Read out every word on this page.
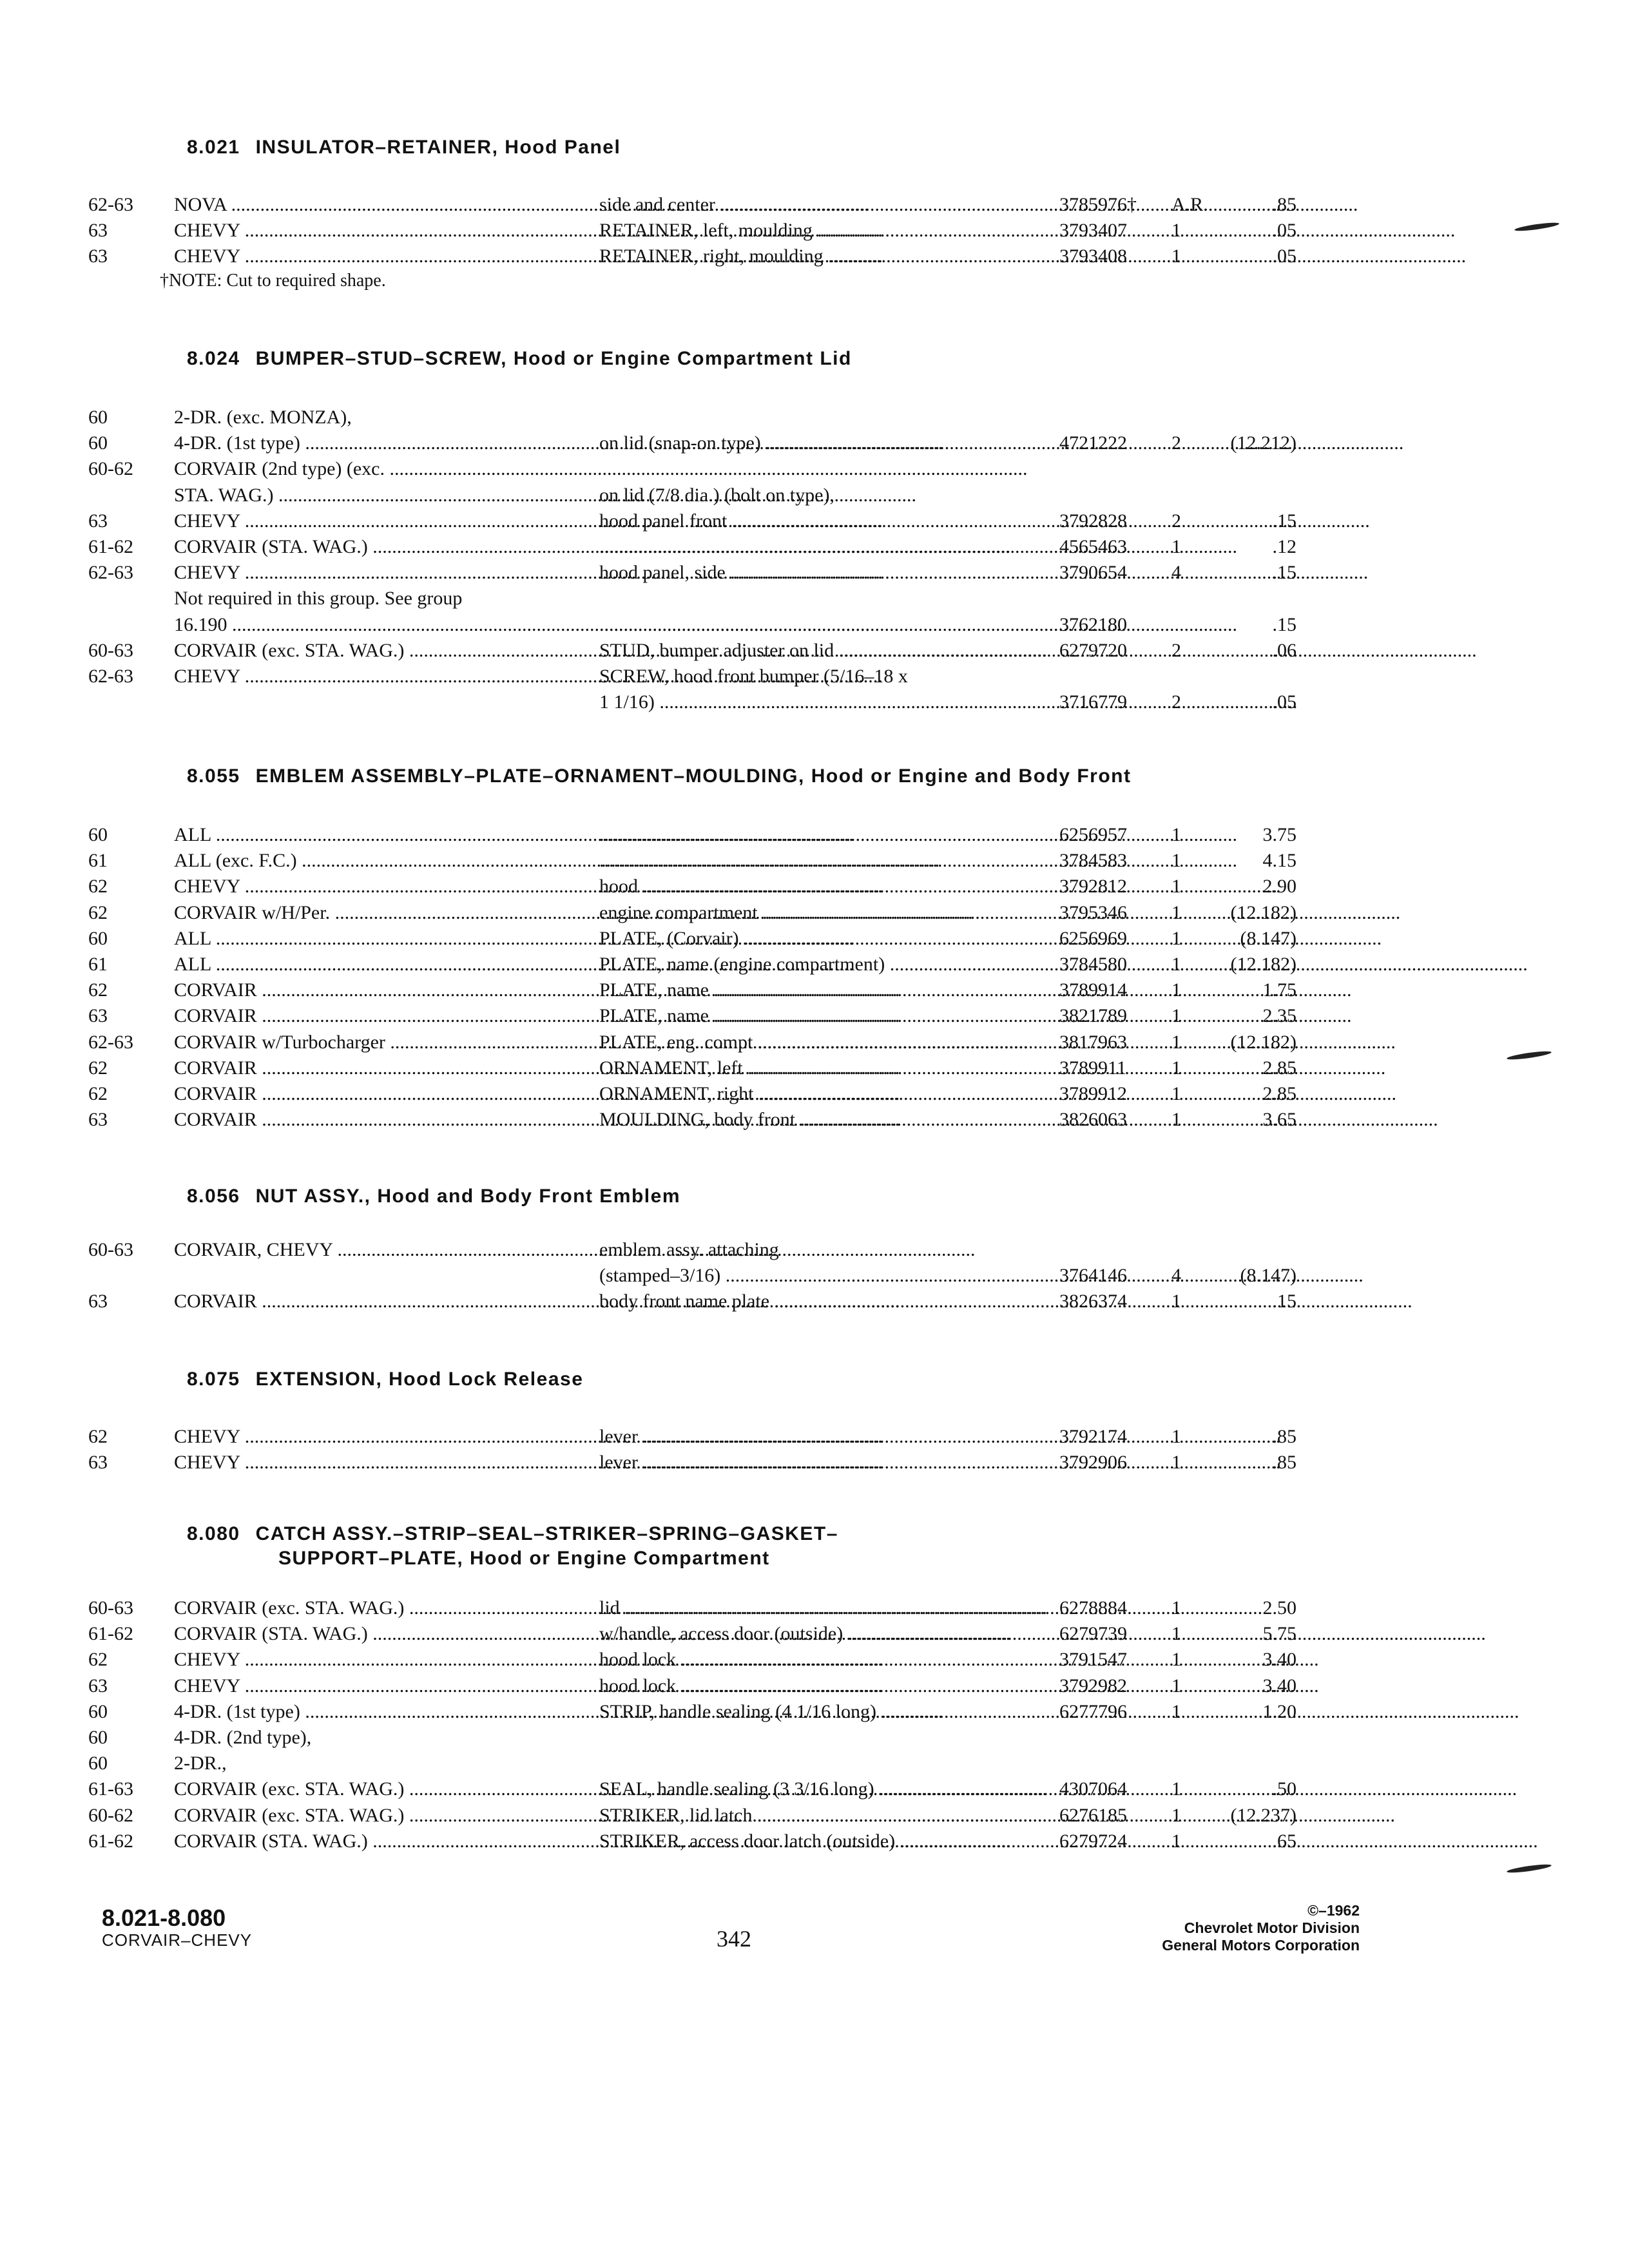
8.021 INSULATOR–RETAINER, Hood Panel
62-63	NOVA .....	side and center .....	3785976†	A.R.	.85
63	CHEVY .....	RETAINER, left, moulding .....	3793407	1	.05
63	CHEVY .....	RETAINER, right, moulding .....	3793408	1	.05
†NOTE: Cut to required shape.
8.024 BUMPER–STUD–SCREW, Hood or Engine Compartment Lid
60	2-DR. (exc. MONZA),
60	4-DR. (1st type) .....	on lid (snap-on type) .....	4721222	2	(12.212)
60-62	CORVAIR (2nd type) (exc. .....
STA. WAG.) .....	on lid (7/8 dia.) (bolt on type),
63	CHEVY .....	hood panel front .....	3792828	2	.15
61-62	CORVAIR (STA. WAG.) ..... .....	4565463	1	.12
62-63	CHEVY .....	hood panel, side .....	3790654	4	.15
Not required in this group. See group
16.190 ..... .....	3762180	.15
60-63	CORVAIR (exc. STA. WAG.) .....	STUD, bumper adjuster on lid .....	6279720	2	.06
62-63	CHEVY .....	SCREW, hood front bumper (5/16–18 x
1 1/16) .....	3716779	2	.05
8.055 EMBLEM ASSEMBLY–PLATE–ORNAMENT–MOULDING, Hood or Engine and Body Front
60	ALL ..... .....	6256957	1	3.75
61	ALL (exc. F.C.) ..... .....	3784583	1	4.15
62	CHEVY .....	hood .....	3792812	1	2.90
62	CORVAIR w/H/Per. .....	engine compartment .....	3795346	1	(12.182)
60	ALL .....	PLATE, (Corvair) .....	6256969	1	(8.147)
61	ALL .....	PLATE, name (engine compartment) .....	3784580	1	(12.182)
62	CORVAIR .....	PLATE, name .....	3789914	1	1.75
63	CORVAIR .....	PLATE, name .....	3821789	1	2.35
62-63	CORVAIR w/Turbocharger .....	PLATE, eng. compt .....	3817963	1	(12.182)
62	CORVAIR .....	ORNAMENT, left .....	3789911	1	2.85
62	CORVAIR .....	ORNAMENT, right .....	3789912	1	2.85
63	CORVAIR .....	MOULDING, body front .....	3826063	1	3.65
8.056 NUT ASSY., Hood and Body Front Emblem
60-63	CORVAIR, CHEVY .....	emblem assy. attaching
(stamped–3/16) .....	3764146	4	(8.147)
63	CORVAIR .....	body front name plate .....	3826374	1	.15
8.075 EXTENSION, Hood Lock Release
62	CHEVY .....	lever .....	3792174	1	.85
63	CHEVY .....	lever .....	3792906	1	.85
8.080 CATCH ASSY.–STRIP–SEAL–STRIKER–SPRING–GASKET–
SUPPORT–PLATE, Hood or Engine Compartment
60-63	CORVAIR (exc. STA. WAG.) .....	lid .....	6278884	1	2.50
61-62	CORVAIR (STA. WAG.) .....	w/handle, access door (outside) .....	6279739	1	5.75
62	CHEVY .....	hood lock .....	3791547	1	3.40
63	CHEVY .....	hood lock .....	3792982	1	3.40
60	4-DR. (1st type) .....	STRIP, handle sealing (4 1/16 long) .....	6277796	1	1.20
60	4-DR. (2nd type),
60	2-DR.,
61-63	CORVAIR (exc. STA. WAG.) .....	SEAL, handle sealing (3 3/16 long) .....	4307064	1	.50
60-62	CORVAIR (exc. STA. WAG.) .....	STRIKER, lid latch .....	6276185	1	(12.237)
61-62	CORVAIR (STA. WAG.) .....	STRIKER, access door latch (outside) .....	6279724	1	.65
8.021-8.080
CORVAIR–CHEVY	342
©–1962
Chevrolet Motor Division
General Motors Corporation
